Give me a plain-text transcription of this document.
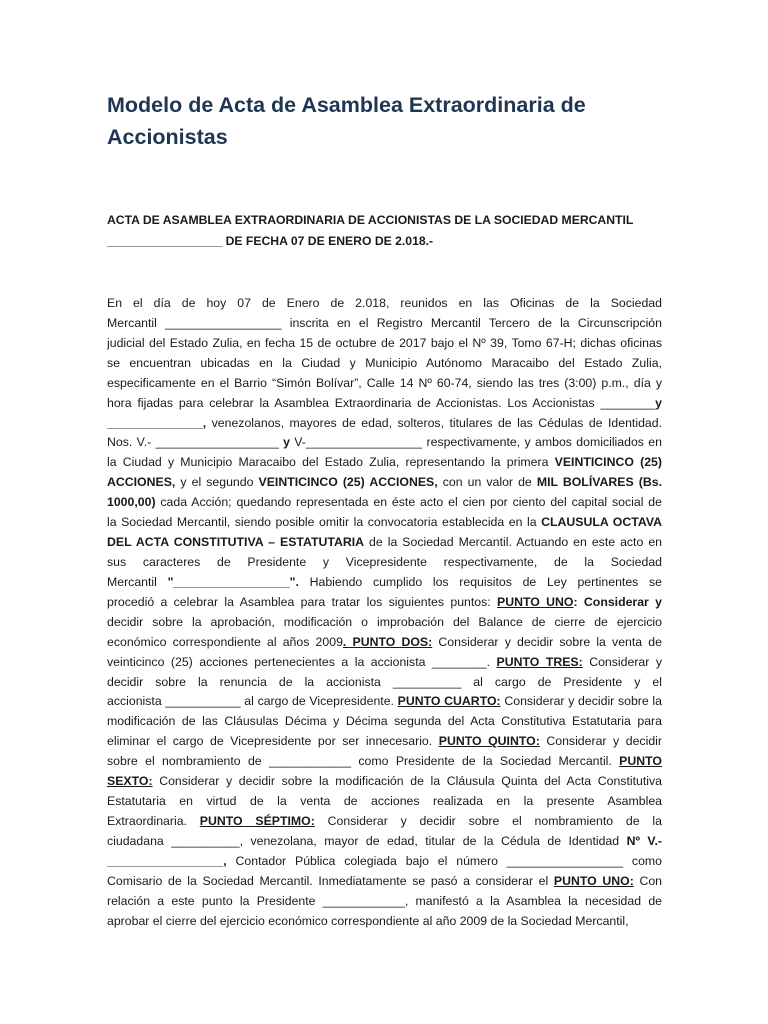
Modelo de Acta de Asamblea Extraordinaria de
Accionistas
ACTA DE ASAMBLEA EXTRAORDINARIA DE ACCIONISTAS DE LA SOCIEDAD MERCANTIL
_________________ DE FECHA 07 DE ENERO DE 2.018.-
En el día de hoy 07 de Enero de 2.018, reunidos en las Oficinas de la Sociedad
Mercantil _________________ inscrita en el Registro Mercantil Tercero de la Circunscripción
judicial del Estado Zulia, en fecha 15 de octubre de 2017 bajo el Nº 39, Tomo 67-H; dichas oficinas
se encuentran ubicadas en la Ciudad y Municipio Autónomo Maracaibo del Estado Zulia,
especificamente en el Barrio “Simón Bolívar”, Calle 14 Nº 60-74, siendo las tres (3:00) p.m., día y
hora fijadas para celebrar la Asamblea Extraordinaria de Accionistas. Los Accionistas ________y
______________, venezolanos, mayores de edad, solteros, titulares de las Cédulas de Identidad.
Nos. V.- __________________ y V-_________________ respectivamente, y ambos domiciliados en
la Ciudad y Municipio Maracaibo del Estado Zulia, representando la primera VEINTICINCO (25)
ACCIONES, y el segundo VEINTICINCO (25) ACCIONES, con un valor de MIL BOLÍVARES (Bs.
1000,00) cada Acción; quedando representada en éste acto el cien por ciento del capital social de
la Sociedad Mercantil, siendo posible omitir la convocatoria establecida en la CLAUSULA OCTAVA
DEL ACTA CONSTITUTIVA – ESTATUTARIA de la Sociedad Mercantil. Actuando en este acto en
sus caracteres de Presidente y Vicepresidente respectivamente, de la Sociedad
Mercantil "_________________". Habiendo cumplido los requisitos de Ley pertinentes se
procedió a celebrar la Asamblea para tratar los siguientes puntos: PUNTO UNO: Considerar y
decidir sobre la aprobación, modificación o improbación del Balance de cierre de ejercicio
económico correspondiente al años 2009. PUNTO DOS: Considerar y decidir sobre la venta de
veinticinco (25) acciones pertenecientes a la accionista ________. PUNTO TRES: Considerar y
decidir sobre la renuncia de la accionista __________ al cargo de Presidente y el
accionista ___________ al cargo de Vicepresidente. PUNTO CUARTO: Considerar y decidir sobre la
modificación de las Cláusulas Décima y Décima segunda del Acta Constitutiva Estatutaria para
eliminar el cargo de Vicepresidente por ser innecesario. PUNTO QUINTO: Considerar y decidir
sobre el nombramiento de ____________ como Presidente de la Sociedad Mercantil. PUNTO
SEXTO: Considerar y decidir sobre la modificación de la Cláusula Quinta del Acta Constitutiva
Estatutaria en virtud de la venta de acciones realizada en la presente Asamblea
Extraordinaria. PUNTO SÉPTIMO: Considerar y decidir sobre el nombramiento de la
ciudadana __________, venezolana, mayor de edad, titular de la Cédula de Identidad Nº V.-
_________________, Contador Pública colegiada bajo el número _________________ como
Comisario de la Sociedad Mercantil. Inmediatamente se pasó a considerar el PUNTO UNO: Con
relación a este punto la Presidente ____________, manifestó a la Asamblea la necesidad de
aprobar el cierre del ejercicio económico correspondiente al año 2009 de la Sociedad Mercantil,
